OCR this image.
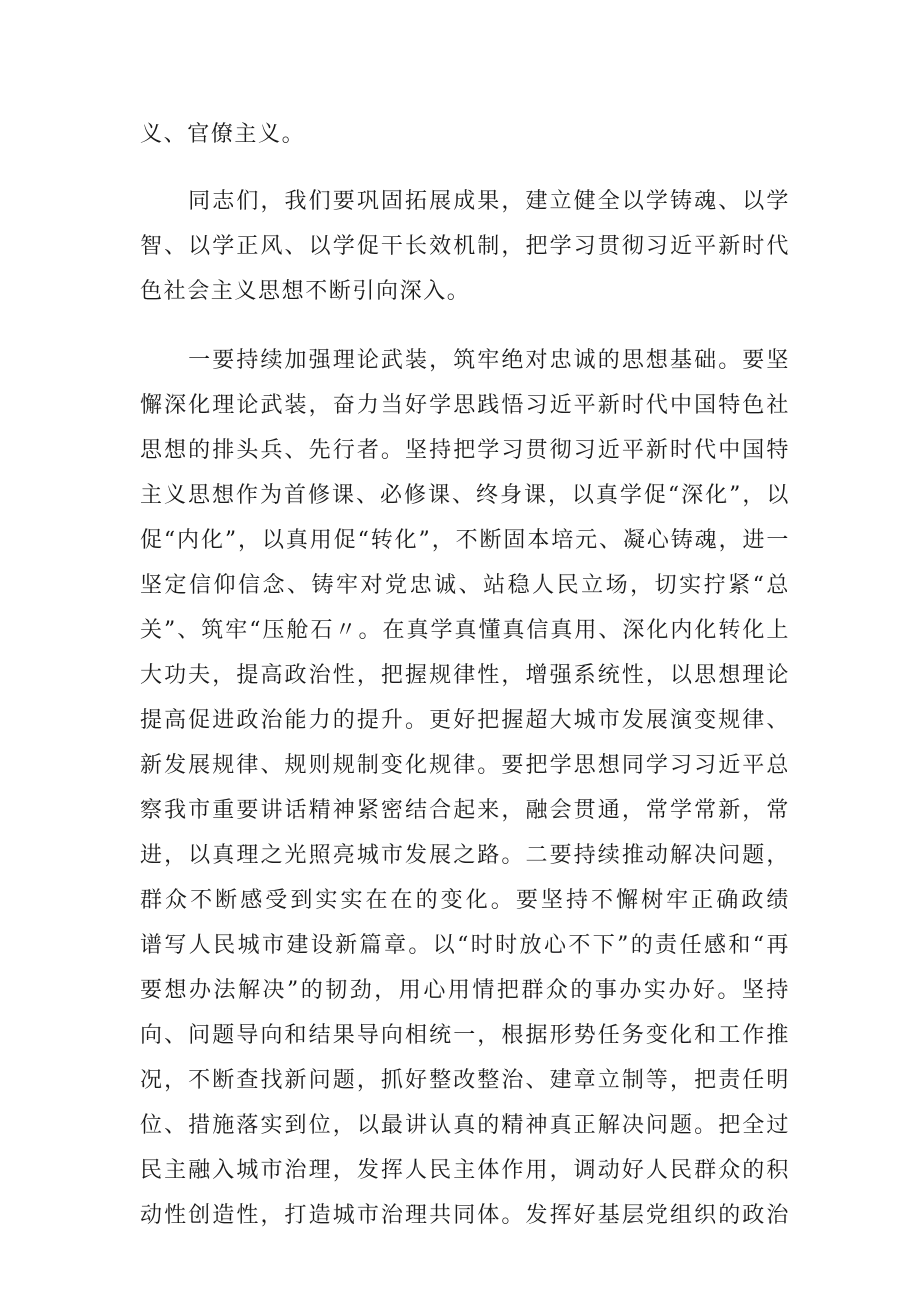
义、官僚主义。
　　同志们，我们要巩固拓展成果，建立健全以学铸魂、以学
智、以学正风、以学促干长效机制，把学习贯彻习近平新时代
色社会主义思想不断引向深入。
　　一要持续加强理论武装，筑牢绝对忠诚的思想基础。要坚
懈深化理论武装，奋力当好学思践悟习近平新时代中国特色社
思想的排头兵、先行者。坚持把学习贯彻习近平新时代中国特
主义思想作为首修课、必修课、终身课，以真学促“深化”，以
促“内化”，以真用促“转化”，不断固本培元、凝心铸魂，进一
坚定信仰信念、铸牢对党忠诚、站稳人民立场，切实拧紧“总
关”、筑牢“压舱石〃。在真学真懂真信真用、深化内化转化上
大功夫，提高政治性，把握规律性，增强系统性，以思想理论
提高促进政治能力的提升。更好把握超大城市发展演变规律、
新发展规律、规则规制变化规律。要把学思想同学习习近平总
察我市重要讲话精神紧密结合起来，融会贯通，常学常新，常
进，以真理之光照亮城市发展之路。二要持续推动解决问题，
群众不断感受到实实在在的变化。要坚持不懈树牢正确政绩
谱写人民城市建设新篇章。以“时时放心不下”的责任感和“再
要想办法解决”的韧劲，用心用情把群众的事办实办好。坚持
向、问题导向和结果导向相统一，根据形势任务变化和工作推
况，不断查找新问题，抓好整改整治、建章立制等，把责任明
位、措施落实到位，以最讲认真的精神真正解决问题。把全过
民主融入城市治理，发挥人民主体作用，调动好人民群众的积
动性创造性，打造城市治理共同体。发挥好基层党组织的政治
